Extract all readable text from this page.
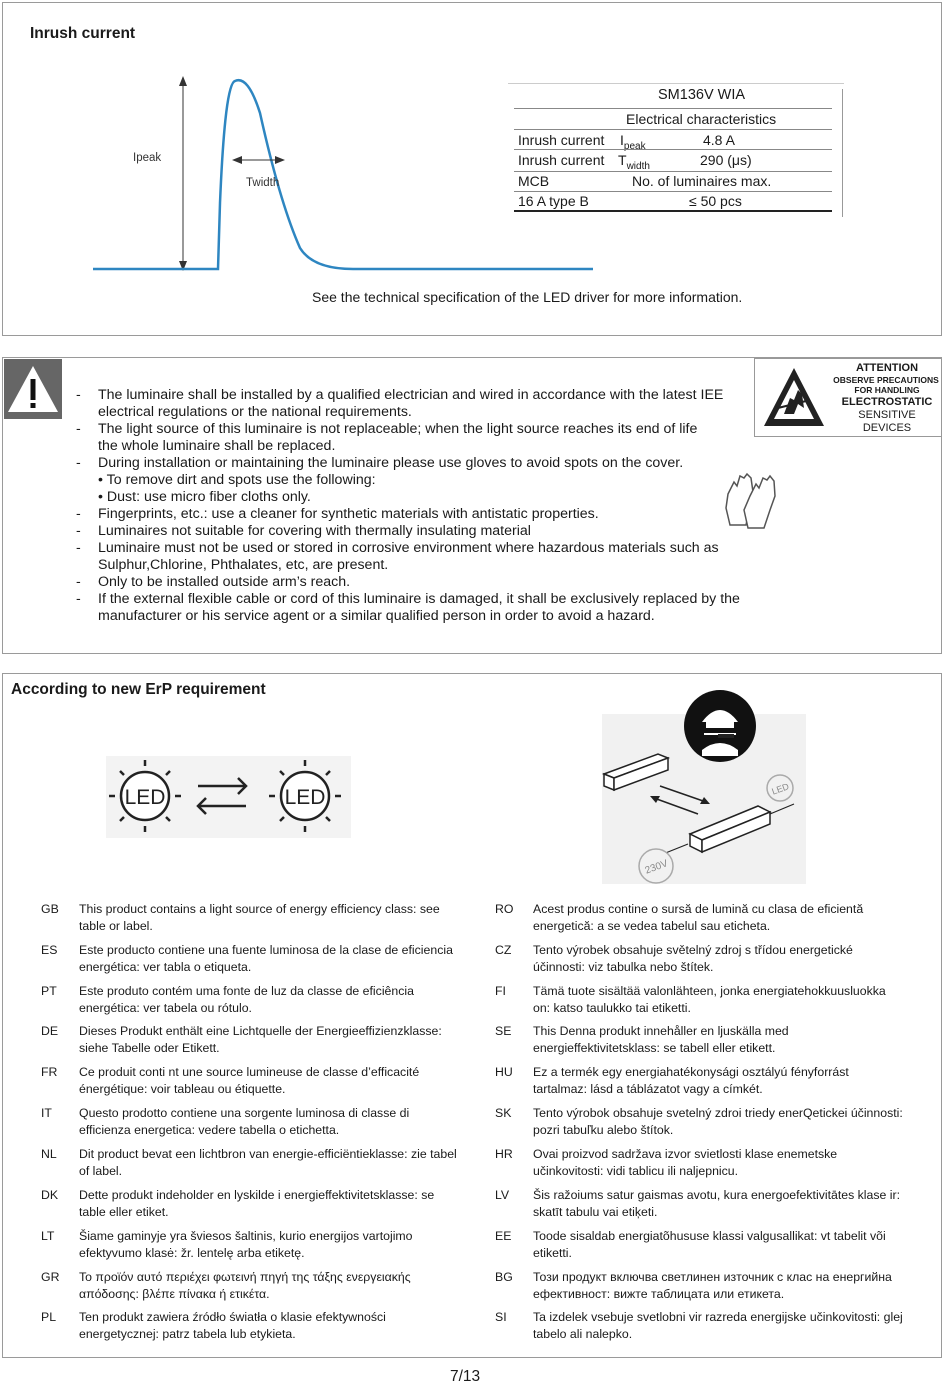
Inrush current
Ipeak
Twidth
SM136V WIA
Electrical characteristics
Inrush current $I_{peak}$	4.8 A
Inrush current $T_{width}$	290 (μs)
MCB	No. of luminaires max.
16 A type B	≤ 50 pcs
See the technical specification of the LED driver for more information.
- The luminaire shall be installed by a qualified electrician and wired in accordance with the latest IEE electrical regulations or the national requirements.
- The light source of this luminaire is not replaceable; when the light source reaches its end of life the whole luminaire shall be replaced.
- During installation or maintaining the luminaire please use gloves to avoid spots on the cover.
• To remove dirt and spots use the following:
• Dust: use micro fiber cloths only.
- Fingerprints, etc.: use a cleaner for synthetic materials with antistatic properties.
- Luminaires not suitable for covering with thermally insulating material
- Luminaire must not be used or stored in corrosive environment where hazardous materials such as Sulphur,Chlorine, Phthalates, etc, are present.
- Only to be installed outside arm’s reach.
- If the external flexible cable or cord of this luminaire is damaged, it shall be exclusively replaced by the manufacturer or his service agent or a similar qualified person in order to avoid a hazard.
ATTENTION
OBSERVE PRECAUTIONS
FOR HANDLING
ELECTROSTATIC
SENSITIVE
DEVICES
According to new ErP requirement
LED	LED	LED
230V
GB This product contains a light source of energy efficiency class: see table or label.
ES Este producto contiene una fuente luminosa de la clase de eficiencia energética: ver tabla o etiqueta.
PT Este produto contém uma fonte de luz da classe de eficiência energética: ver tabela ou rótulo.
DE Dieses Produkt enthält eine Lichtquelle der Energieeffizienzklasse: siehe Tabelle oder Etikett.
FR Ce produit conti nt une source lumineuse de classe d’efficacité énergétique: voir tableau ou étiquette.
IT Questo prodotto contiene una sorgente luminosa di classe di efficienza energetica: vedere tabella o etichetta.
NL Dit product bevat een lichtbron van energie-efficiëntieklasse: zie tabel of label.
DK Dette produkt indeholder en lyskilde i energieffektivitetsklasse: se table eller etiket.
LT Šiame gaminyje yra šviesos šaltinis, kurio energijos vartojimo efektyvumo klasė: žr. lentelę arba etiketę.
GR Το προϊόν αυτό περιέχει φωτεινή πηγή της τάξης ενεργειακής απόδοσης: βλέπε πίνακα ή ετικέτα.
PL Ten produkt zawiera źródło światła o klasie efektywności energetycznej: patrz tabela lub etykieta.
RO Acest produs contine o sursă de lumină cu clasa de eficientă energetică: a se vedea tabelul sau eticheta.
CZ Tento výrobek obsahuje světelný zdroj s třídou energetické účinnosti: viz tabulka nebo štítek.
FI Tämä tuote sisältää valonlähteen, jonka energiatehokkuusluokka on: katso taulukko tai etiketti.
SE This Denna produkt innehåller en ljuskälla med energieffektivitetsklass: se tabell eller etikett.
HU Ez a termék egy energiahatékonysági osztályú fényforrást tartalmaz: lásd a táblázatot vagy a címkét.
SK Tento výrobok obsahuje svetelný zdroi triedy enerQetickei účinnosti: pozri tabuľku alebo štítok.
HR Ovai proizvod sadržava izvor svietlosti klase enemetske učinkovitosti: vidi tablicu ili naljepnicu.
LV Šis ražoiums satur gaismas avotu, kura energoefektivitātes klase ir: skatīt tabulu vai etiķeti.
EE Toode sisaldab energiatõhususe klassi valgusallikat: vt tabelit või etiketti.
BG Този продукт включва светлинен източник с клас на енергийна ефективност: вижте таблицата или етикета.
SI Ta izdelek vsebuje svetlobni vir razreda energijske učinkovitosti: glej tabelo ali nalepko.
7/13
